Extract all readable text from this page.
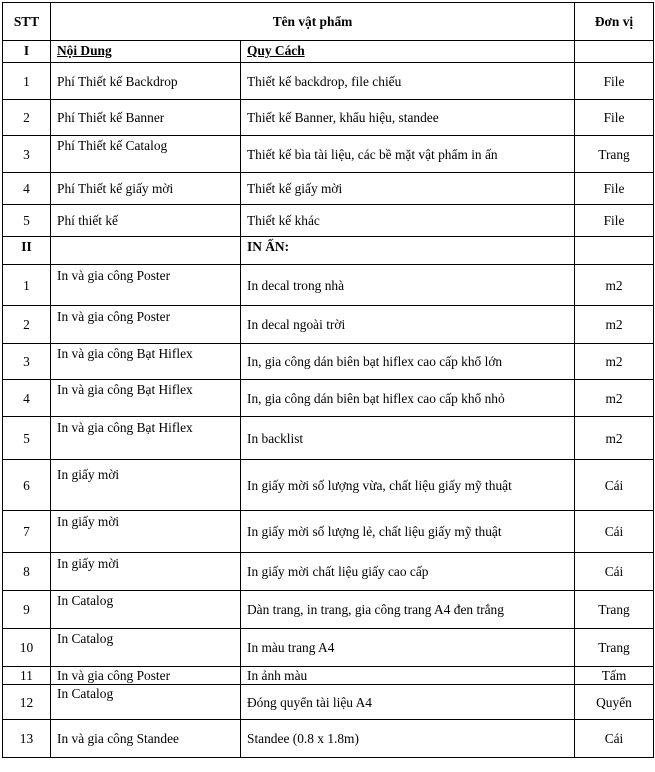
STT	Tên vật phẩm		Đơn vị
I	Nội Dung	Quy Cách	
1	Phí Thiết kế Backdrop	Thiết kế backdrop, file chiếu	File
2	Phí Thiết kế Banner	Thiết kế Banner, khẩu hiệu, standee	File
3	Phí Thiết kế Catalog	Thiết kế bìa tài liệu, các bề mặt vật phẩm in ấn	Trang
4	Phí Thiết kế giấy mời	Thiết kế giấy mời	File
5	Phí thiết kế	Thiết kế khác	File
II		IN ẤN:	
1	In và gia công Poster	In decal trong nhà	m2
2	In và gia công Poster	In decal ngoài trời	m2
3	In và gia công Bạt Hiflex	In, gia công dán biên bạt hiflex cao cấp khổ lớn	m2
4	In và gia công Bạt Hiflex	In, gia công dán biên bạt hiflex cao cấp khổ nhỏ	m2
5	In và gia công Bạt Hiflex	In backlist	m2
6	In giấy mời	In giấy mời số lượng vừa, chất liệu giấy mỹ thuật	Cái
7	In giấy mời	In giấy mời số lượng lẻ, chất liệu giấy mỹ thuật	Cái
8	In giấy mời	In giấy mời chất liệu giấy cao cấp	Cái
9	In Catalog	Dàn trang, in trang, gia công trang A4 đen trắng	Trang
10	In Catalog	In màu trang A4	Trang
11	In và gia công Poster	In ảnh màu	Tấm
12	In Catalog	Đóng quyển tài liệu A4	Quyển
13	In và gia công Standee	Standee (0.8 x 1.8m)	Cái
